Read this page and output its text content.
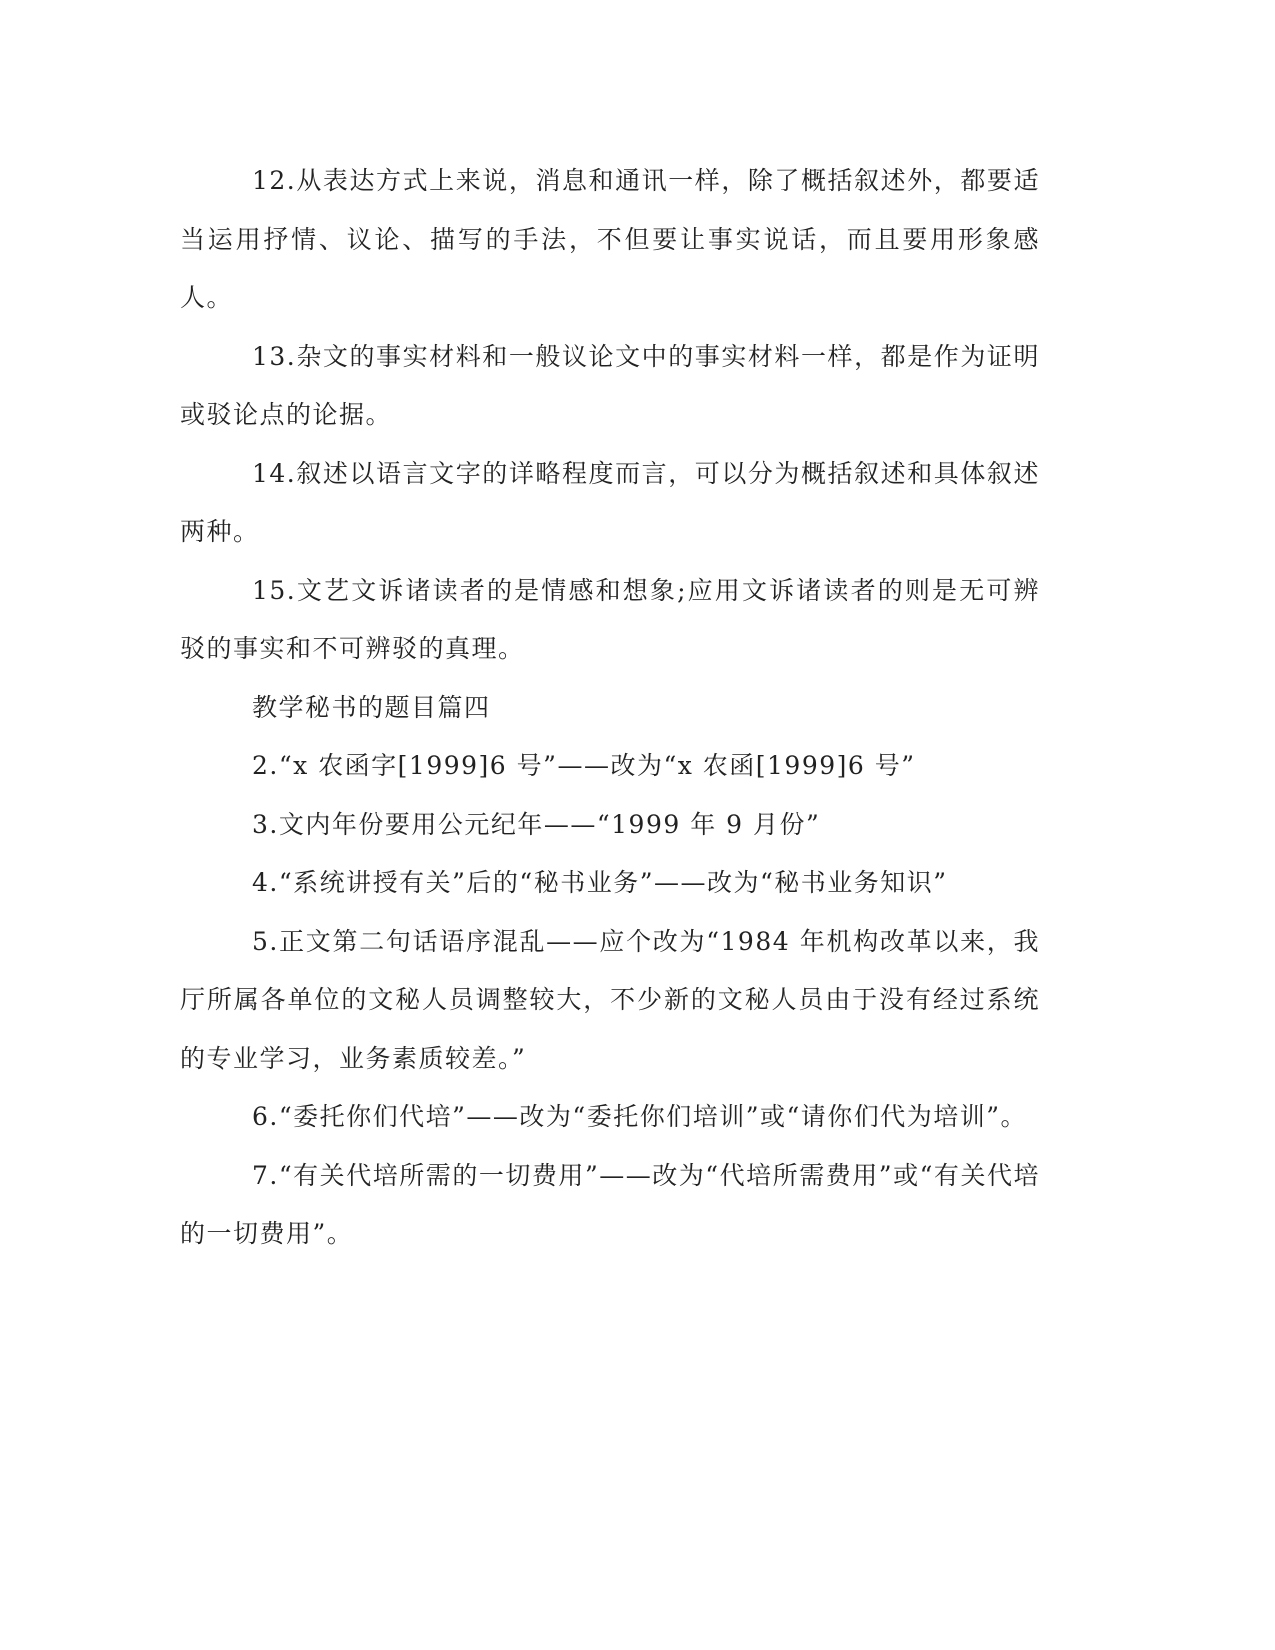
12.从表达方式上来说，消息和通讯一样，除了概括叙述外，都要适当运用抒情、议论、描写的手法，不但要让事实说话，而且要用形象感人。

13.杂文的事实材料和一般议论文中的事实材料一样，都是作为证明或驳论点的论据。

14.叙述以语言文字的详略程度而言，可以分为概括叙述和具体叙述两种。

15.文艺文诉诸读者的是情感和想象;应用文诉诸读者的则是无可辨驳的事实和不可辨驳的真理。

教学秘书的题目篇四

2.“x 农函字[1999]6 号”——改为“x 农函[1999]6 号”

3.文内年份要用公元纪年——“1999 年 9 月份”

4.“系统讲授有关”后的“秘书业务”——改为“秘书业务知识”

5.正文第二句话语序混乱——应个改为“1984 年机构改革以来，我厅所属各单位的文秘人员调整较大，不少新的文秘人员由于没有经过系统的专业学习，业务素质较差。”

6.“委托你们代培”——改为“委托你们培训”或“请你们代为培训”。

7.“有关代培所需的一切费用”——改为“代培所需费用”或“有关代培的一切费用”。
